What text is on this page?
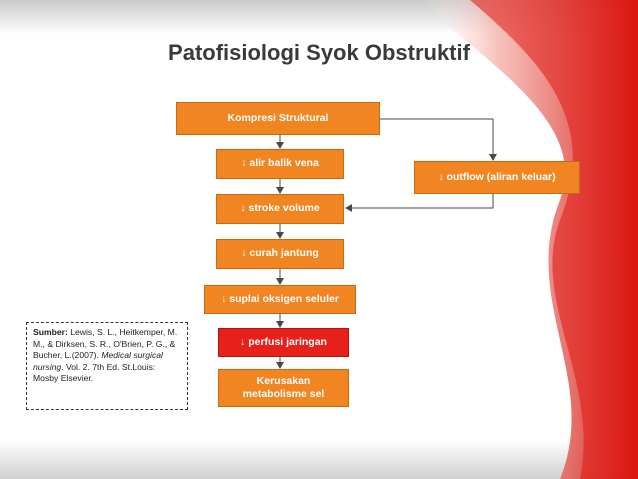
Patofisiologi Syok Obstruktif
Kompresi Struktural
↓ alir balik vena
↓ outflow (aliran keluar)
↓ stroke volume
↓ curah jantung
↓ suplai oksigen seluler
↓ perfusi jaringan
Kerusakan
metabolisme sel
Sumber: Lewis, S. L., Heitkemper, M. M., & Dirksen, S. R., O'Brien, P. G., & Bucher, L.(2007). Medical surgical nursing. Vol. 2. 7th Ed. St.Louis: Mosby Elsevier.
